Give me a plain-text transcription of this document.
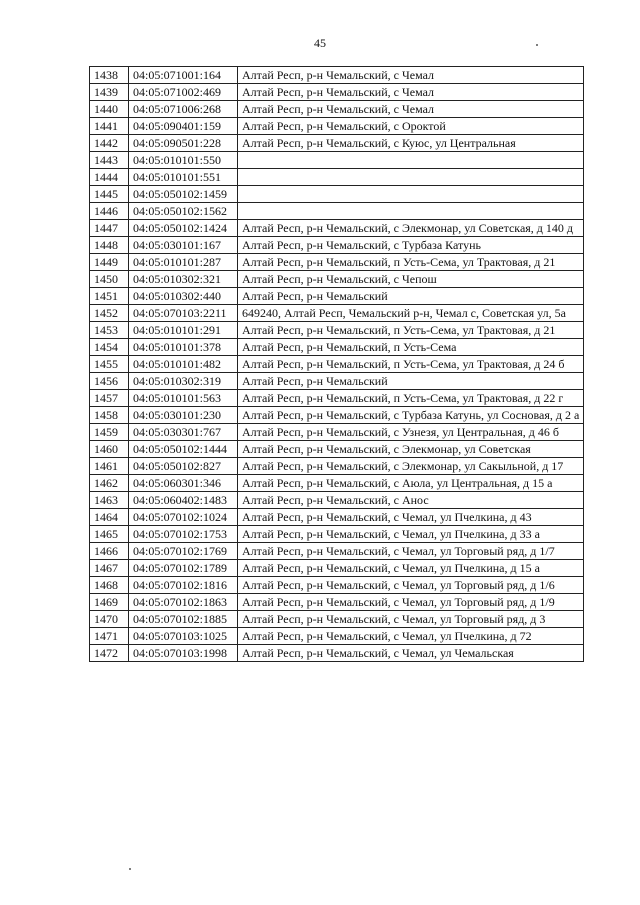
45
1438	04:05:071001:164	Алтай Респ, р-н Чемальский, с Чемал
1439	04:05:071002:469	Алтай Респ, р-н Чемальский, с Чемал
1440	04:05:071006:268	Алтай Респ, р-н Чемальский, с Чемал
1441	04:05:090401:159	Алтай Респ, р-н Чемальский, с Ороктой
1442	04:05:090501:228	Алтай Респ, р-н Чемальский, с Куюс, ул Центральная
1443	04:05:010101:550	
1444	04:05:010101:551	
1445	04:05:050102:1459	
1446	04:05:050102:1562	
1447	04:05:050102:1424	Алтай Респ, р-н Чемальский, с Элекмонар, ул Советская, д 140 д
1448	04:05:030101:167	Алтай Респ, р-н Чемальский, с Турбаза Катунь
1449	04:05:010101:287	Алтай Респ, р-н Чемальский, п Усть-Сема, ул Трактовая, д 21
1450	04:05:010302:321	Алтай Респ, р-н Чемальский, с Чепош
1451	04:05:010302:440	Алтай Респ, р-н Чемальский
1452	04:05:070103:2211	649240, Алтай Респ, Чемальский р-н, Чемал с, Советская ул, 5а
1453	04:05:010101:291	Алтай Респ, р-н Чемальский, п Усть-Сема, ул Трактовая, д 21
1454	04:05:010101:378	Алтай Респ, р-н Чемальский, п Усть-Сема
1455	04:05:010101:482	Алтай Респ, р-н Чемальский, п Усть-Сема, ул Трактовая, д 24 б
1456	04:05:010302:319	Алтай Респ, р-н Чемальский
1457	04:05:010101:563	Алтай Респ, р-н Чемальский, п Усть-Сема, ул Трактовая, д 22 г
1458	04:05:030101:230	Алтай Респ, р-н Чемальский, с Турбаза Катунь, ул Сосновая, д 2 а
1459	04:05:030301:767	Алтай Респ, р-н Чемальский, с Узнезя, ул Центральная, д 46 б
1460	04:05:050102:1444	Алтай Респ, р-н Чемальский, с Элекмонар, ул Советская
1461	04:05:050102:827	Алтай Респ, р-н Чемальский, с Элекмонар, ул Сакыльной, д 17
1462	04:05:060301:346	Алтай Респ, р-н Чемальский, с Аюла, ул Центральная, д 15 а
1463	04:05:060402:1483	Алтай Респ, р-н Чемальский, с Анос
1464	04:05:070102:1024	Алтай Респ, р-н Чемальский, с Чемал, ул Пчелкина, д 43
1465	04:05:070102:1753	Алтай Респ, р-н Чемальский, с Чемал, ул Пчелкина, д 33 а
1466	04:05:070102:1769	Алтай Респ, р-н Чемальский, с Чемал, ул Торговый ряд, д 1/7
1467	04:05:070102:1789	Алтай Респ, р-н Чемальский, с Чемал, ул Пчелкина, д 15 а
1468	04:05:070102:1816	Алтай Респ, р-н Чемальский, с Чемал, ул Торговый ряд, д 1/6
1469	04:05:070102:1863	Алтай Респ, р-н Чемальский, с Чемал, ул Торговый ряд, д 1/9
1470	04:05:070102:1885	Алтай Респ, р-н Чемальский, с Чемал, ул Торговый ряд, д 3
1471	04:05:070103:1025	Алтай Респ, р-н Чемальский, с Чемал, ул Пчелкина, д 72
1472	04:05:070103:1998	Алтай Респ, р-н Чемальский, с Чемал, ул Чемальская
